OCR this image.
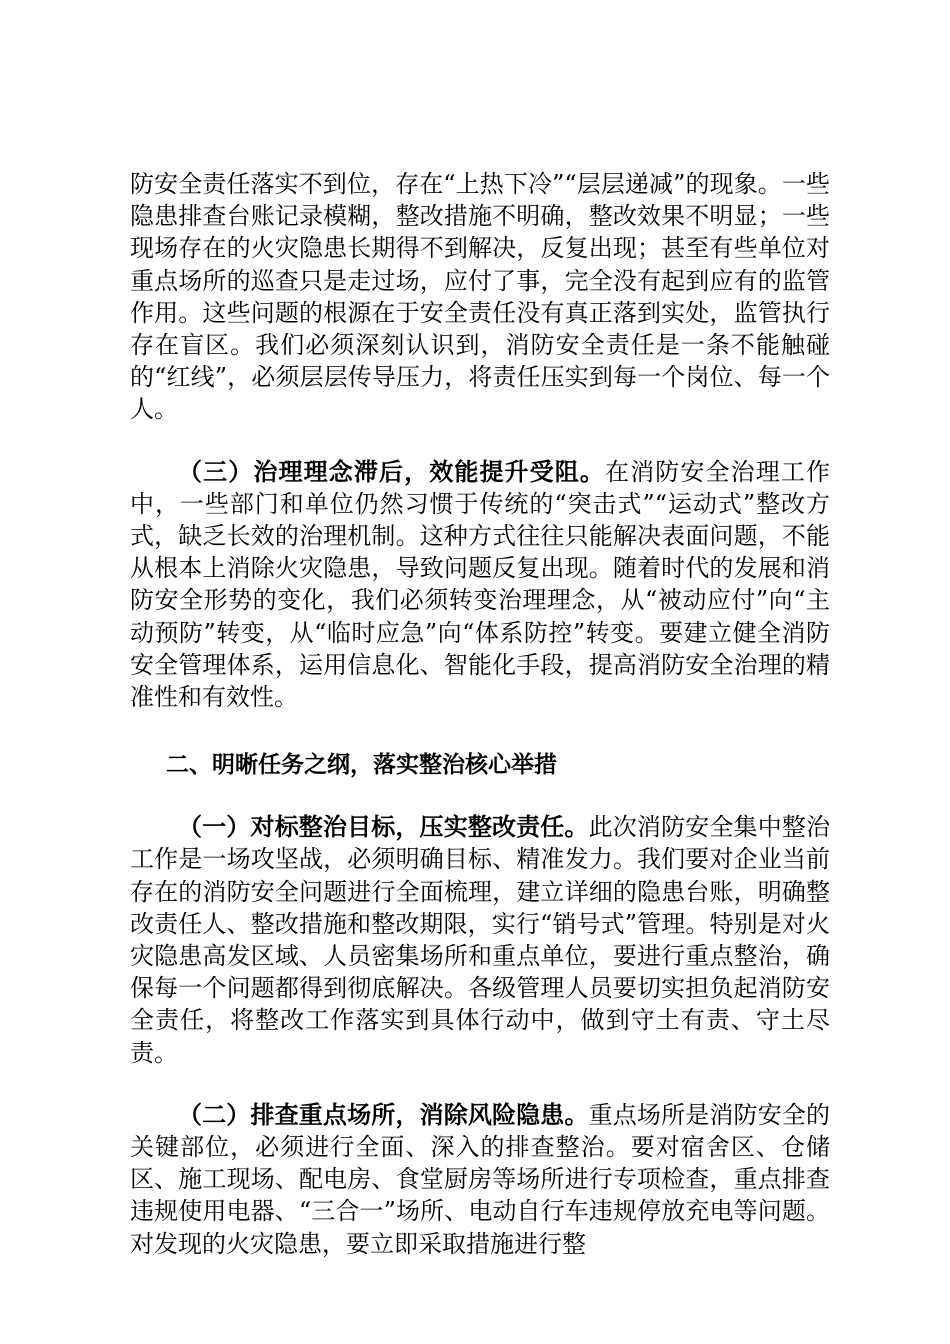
防安全责任落实不到位，存在“上热下冷”“层层递减”的现象。一些隐患排查台账记录模糊，整改措施不明确，整改效果不明显；一些现场存在的火灾隐患长期得不到解决，反复出现；甚至有些单位对重点场所的巡查只是走过场，应付了事，完全没有起到应有的监管作用。这些问题的根源在于安全责任没有真正落到实处，监管执行存在盲区。我们必须深刻认识到，消防安全责任是一条不能触碰的“红线”，必须层层传导压力，将责任压实到每一个岗位、每一个人。

（三）治理理念滞后，效能提升受阻。在消防安全治理工作中，一些部门和单位仍然习惯于传统的“突击式”“运动式”整改方式，缺乏长效的治理机制。这种方式往往只能解决表面问题，不能从根本上消除火灾隐患，导致问题反复出现。随着时代的发展和消防安全形势的变化，我们必须转变治理理念，从“被动应付”向“主动预防”转变，从“临时应急”向“体系防控”转变。要建立健全消防安全管理体系，运用信息化、智能化手段，提高消防安全治理的精准性和有效性。

二、明晰任务之纲，落实整治核心举措

（一）对标整治目标，压实整改责任。此次消防安全集中整治工作是一场攻坚战，必须明确目标、精准发力。我们要对企业当前存在的消防安全问题进行全面梳理，建立详细的隐患台账，明确整改责任人、整改措施和整改期限，实行“销号式”管理。特别是对火灾隐患高发区域、人员密集场所和重点单位，要进行重点整治，确保每一个问题都得到彻底解决。各级管理人员要切实担负起消防安全责任，将整改工作落实到具体行动中，做到守土有责、守土尽责。

（二）排查重点场所，消除风险隐患。重点场所是消防安全的关键部位，必须进行全面、深入的排查整治。要对宿舍区、仓储区、施工现场、配电房、食堂厨房等场所进行专项检查，重点排查违规使用电器、“三合一”场所、电动自行车违规停放充电等问题。对发现的火灾隐患，要立即采取措施进行整
